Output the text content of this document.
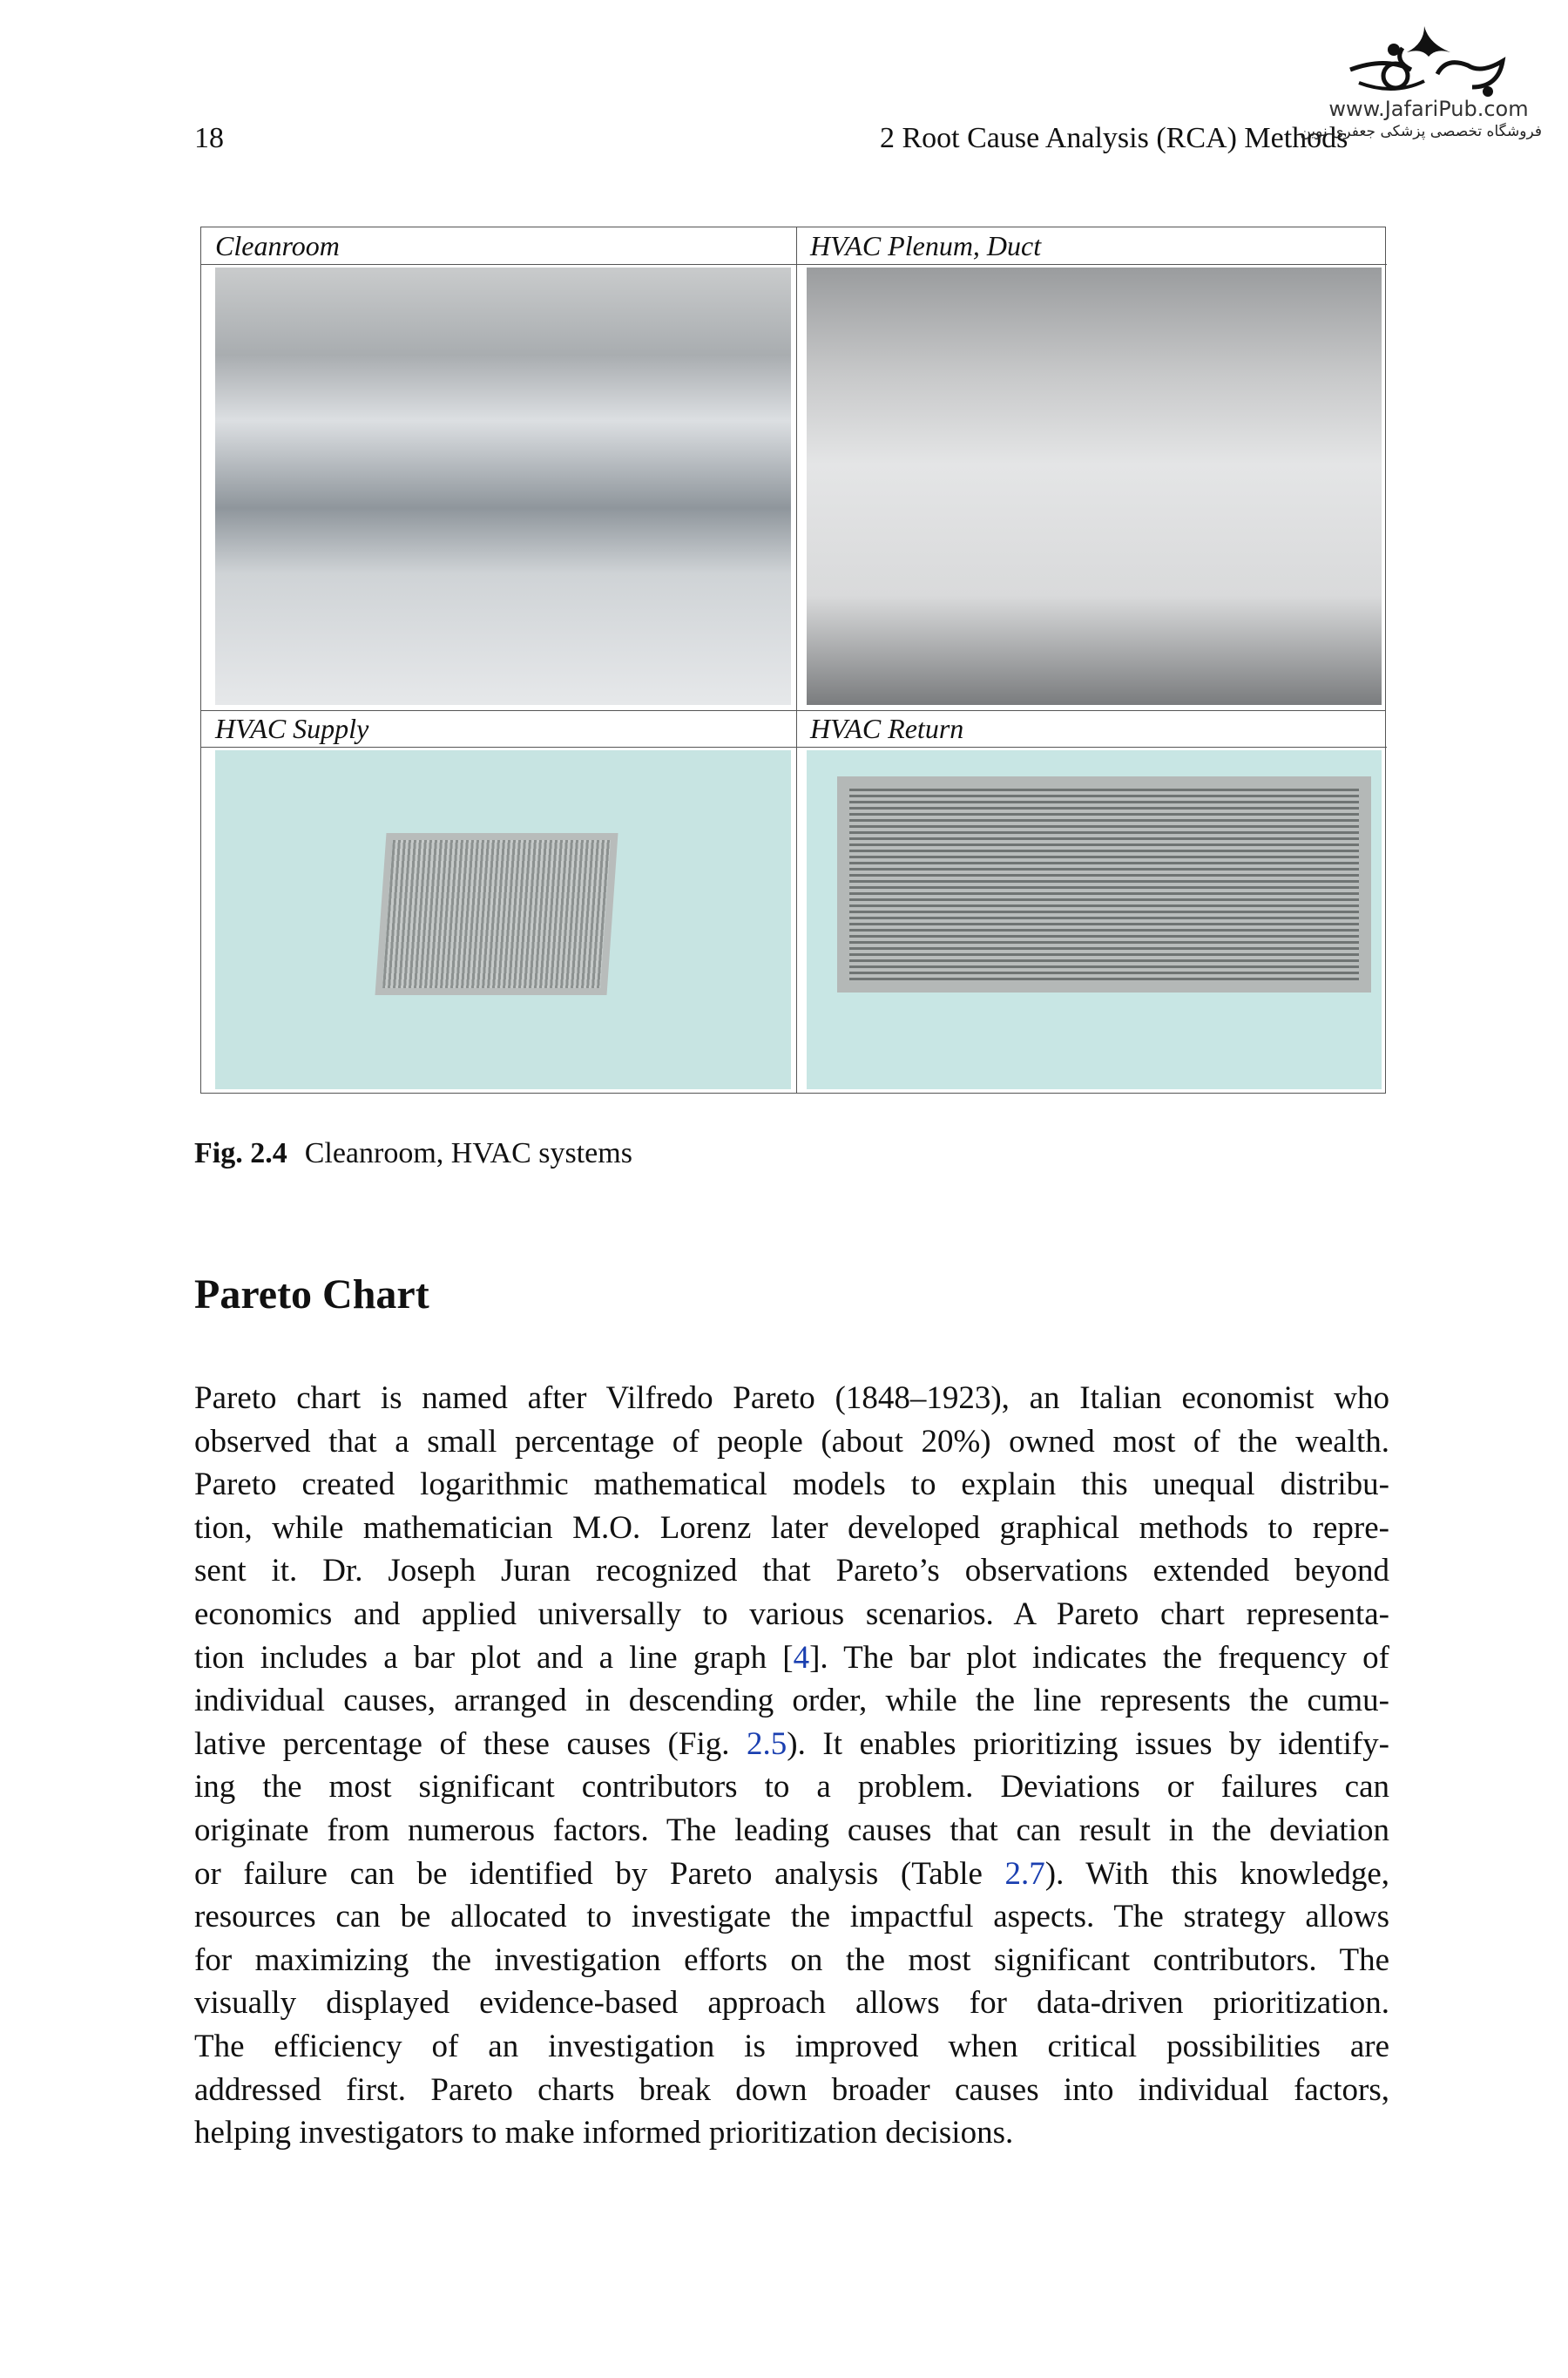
18	2 Root Cause Analysis (RCA) Methods
www.JafariPub.com
فروشگاه تخصصی پزشکی جعفری نوین
Cleanroom	HVAC Plenum, Duct
HVAC Supply	HVAC Return
Fig. 2.4 Cleanroom, HVAC systems
Pareto Chart
Pareto chart is named after Vilfredo Pareto (1848–1923), an Italian economist who
observed that a small percentage of people (about 20%) owned most of the wealth.
Pareto created logarithmic mathematical models to explain this unequal distribu-
tion, while mathematician M.O. Lorenz later developed graphical methods to repre-
sent it. Dr. Joseph Juran recognized that Pareto’s observations extended beyond
economics and applied universally to various scenarios. A Pareto chart representa-
tion includes a bar plot and a line graph [4]. The bar plot indicates the frequency of
individual causes, arranged in descending order, while the line represents the cumu-
lative percentage of these causes (Fig. 2.5). It enables prioritizing issues by identify-
ing the most significant contributors to a problem. Deviations or failures can
originate from numerous factors. The leading causes that can result in the deviation
or failure can be identified by Pareto analysis (Table 2.7). With this knowledge,
resources can be allocated to investigate the impactful aspects. The strategy allows
for maximizing the investigation efforts on the most significant contributors. The
visually displayed evidence-based approach allows for data-driven prioritization.
The efficiency of an investigation is improved when critical possibilities are
addressed first. Pareto charts break down broader causes into individual factors,
helping investigators to make informed prioritization decisions.
